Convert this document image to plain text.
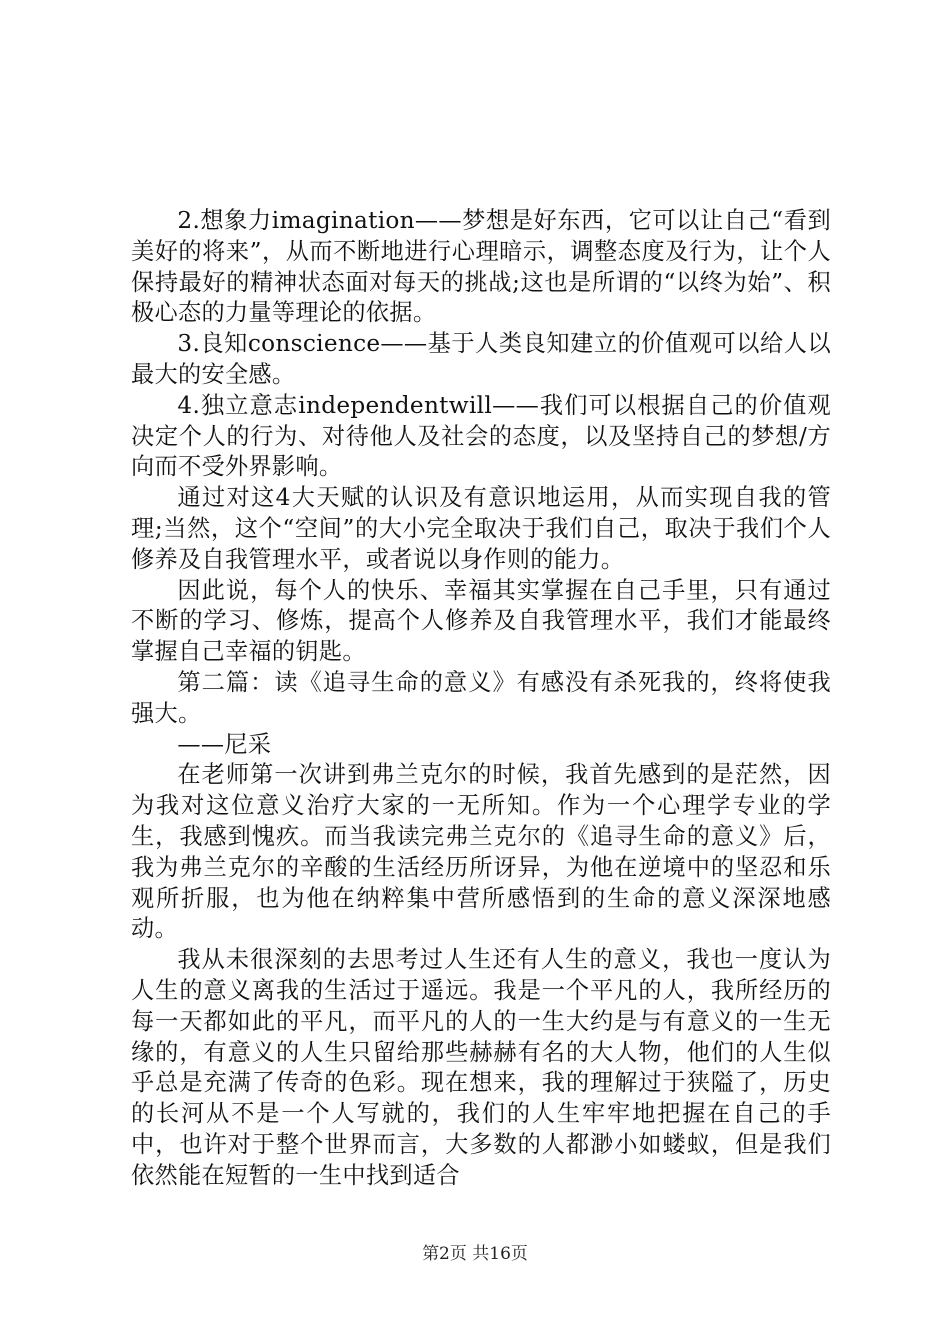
2.想象力imagination——梦想是好东西，它可以让自己“看到美好的将来”，从而不断地进行心理暗示，调整态度及行为，让个人保持最好的精神状态面对每天的挑战;这也是所谓的“以终为始”、积极心态的力量等理论的依据。

3.良知conscience——基于人类良知建立的价值观可以给人以最大的安全感。

4.独立意志independentwill——我们可以根据自己的价值观决定个人的行为、对待他人及社会的态度，以及坚持自己的梦想/方向而不受外界影响。

通过对这4大天赋的认识及有意识地运用，从而实现自我的管理;当然，这个“空间”的大小完全取决于我们自己，取决于我们个人修养及自我管理水平，或者说以身作则的能力。

因此说，每个人的快乐、幸福其实掌握在自己手里，只有通过不断的学习、修炼，提高个人修养及自我管理水平，我们才能最终掌握自己幸福的钥匙。

第二篇：读《追寻生命的意义》有感没有杀死我的，终将使我强大。

——尼采

在老师第一次讲到弗兰克尔的时候，我首先感到的是茫然，因为我对这位意义治疗大家的一无所知。作为一个心理学专业的学生，我感到愧疚。而当我读完弗兰克尔的《追寻生命的意义》后，我为弗兰克尔的辛酸的生活经历所讶异，为他在逆境中的坚忍和乐观所折服，也为他在纳粹集中营所感悟到的生命的意义深深地感动。

我从未很深刻的去思考过人生还有人生的意义，我也一度认为人生的意义离我的生活过于遥远。我是一个平凡的人，我所经历的每一天都如此的平凡，而平凡的人的一生大约是与有意义的一生无缘的，有意义的人生只留给那些赫赫有名的大人物，他们的人生似乎总是充满了传奇的色彩。现在想来，我的理解过于狭隘了，历史的长河从不是一个人写就的，我们的人生牢牢地把握在自己的手中，也许对于整个世界而言，大多数的人都渺小如蝼蚁，但是我们依然能在短暂的一生中找到适合

第2页 共16页
